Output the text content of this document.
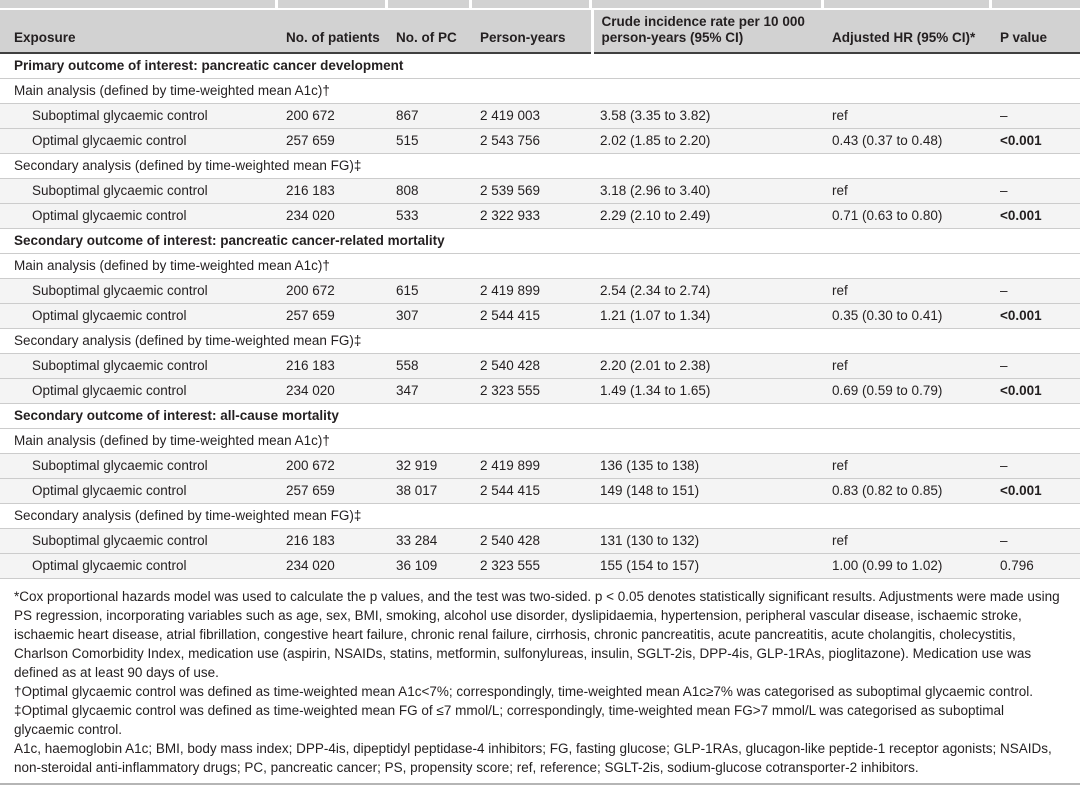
Exposure	No. of patients	No. of PC	Person-years	Crude incidence rate per 10 000 person-years (95% CI)	Adjusted HR (95% CI)*	P value
Primary outcome of interest: pancreatic cancer development						
Main analysis (defined by time-weighted mean A1c)†						
Suboptimal glycaemic control	200 672	867	2 419 003	3.58 (3.35 to 3.82)	ref	–
Optimal glycaemic control	257 659	515	2 543 756	2.02 (1.85 to 2.20)	0.43 (0.37 to 0.48)	<0.001
Secondary analysis (defined by time-weighted mean FG)‡						
Suboptimal glycaemic control	216 183	808	2 539 569	3.18 (2.96 to 3.40)	ref	–
Optimal glycaemic control	234 020	533	2 322 933	2.29 (2.10 to 2.49)	0.71 (0.63 to 0.80)	<0.001
Secondary outcome of interest: pancreatic cancer-related mortality						
Main analysis (defined by time-weighted mean A1c)†						
Suboptimal glycaemic control	200 672	615	2 419 899	2.54 (2.34 to 2.74)	ref	–
Optimal glycaemic control	257 659	307	2 544 415	1.21 (1.07 to 1.34)	0.35 (0.30 to 0.41)	<0.001
Secondary analysis (defined by time-weighted mean FG)‡						
Suboptimal glycaemic control	216 183	558	2 540 428	2.20 (2.01 to 2.38)	ref	–
Optimal glycaemic control	234 020	347	2 323 555	1.49 (1.34 to 1.65)	0.69 (0.59 to 0.79)	<0.001
Secondary outcome of interest: all-cause mortality						
Main analysis (defined by time-weighted mean A1c)†						
Suboptimal glycaemic control	200 672	32 919	2 419 899	136 (135 to 138)	ref	–
Optimal glycaemic control	257 659	38 017	2 544 415	149 (148 to 151)	0.83 (0.82 to 0.85)	<0.001
Secondary analysis (defined by time-weighted mean FG)‡						
Suboptimal glycaemic control	216 183	33 284	2 540 428	131 (130 to 132)	ref	–
Optimal glycaemic control	234 020	36 109	2 323 555	155 (154 to 157)	1.00 (0.99 to 1.02)	0.796

*Cox proportional hazards model was used to calculate the p values, and the test was two-sided. p < 0.05 denotes statistically significant results. Adjustments were made using PS regression, incorporating variables such as age, sex, BMI, smoking, alcohol use disorder, dyslipidaemia, hypertension, peripheral vascular disease, ischaemic stroke, ischaemic heart disease, atrial fibrillation, congestive heart failure, chronic renal failure, cirrhosis, chronic pancreatitis, acute pancreatitis, acute cholangitis, cholecystitis, Charlson Comorbidity Index, medication use (aspirin, NSAIDs, statins, metformin, sulfonylureas, insulin, SGLT-2is, DPP-4is, GLP-1RAs, pioglitazone). Medication use was defined as at least 90 days of use.

†Optimal glycaemic control was defined as time-weighted mean A1c<7%; correspondingly, time-weighted mean A1c≥7% was categorised as suboptimal glycaemic control.

‡Optimal glycaemic control was defined as time-weighted mean FG of ≤7 mmol/L; correspondingly, time-weighted mean FG>7 mmol/L was categorised as suboptimal glycaemic control.

A1c, haemoglobin A1c; BMI, body mass index; DPP-4is, dipeptidyl peptidase-4 inhibitors; FG, fasting glucose; GLP-1RAs, glucagon-like peptide-1 receptor agonists; NSAIDs, non-steroidal anti-inflammatory drugs; PC, pancreatic cancer; PS, propensity score; ref, reference; SGLT-2is, sodium-glucose cotransporter-2 inhibitors.
